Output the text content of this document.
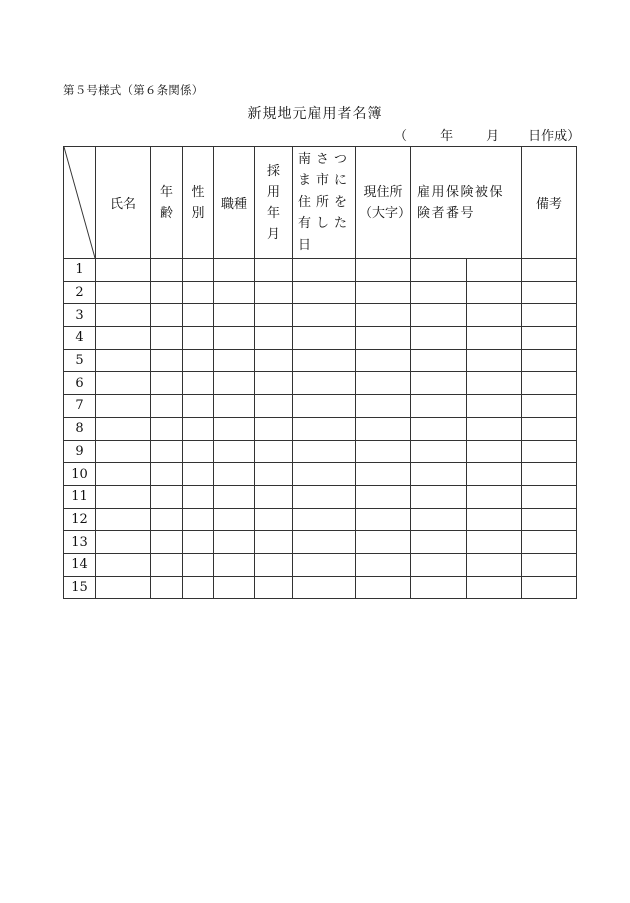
第５号様式（第６条関係）
新規地元雇用者名簿
（	年	月 日作成）
	氏名	年齢	性別	職種	採用年月	南さつま市に住所を有した日	現住所（大字）	雇用保険被保険者番号		備考
1										
2										
3										
4										
5										
6										
7										
8										
9										
10										
11										
12										
13										
14										
15										
